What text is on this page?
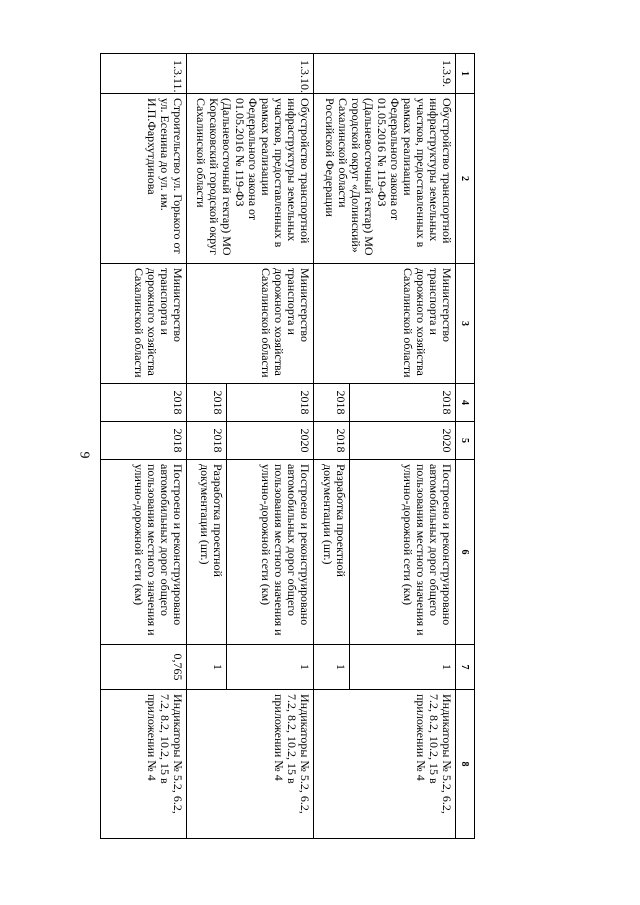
9
1	2	3	4	5	6	7	8
1.3.9.	Обустройство транспортной инфраструктуры земельных участков, предоставленных в рамках реализации Федерального закона от 01.05.2016 № 119-ФЗ (Дальневосточный гектар) МО городской округ «Долинский» Сахалинской области Российской Федерации	Министерство транспорта и дорожного хозяйства Сахалинской области	2018	2020	Построено и реконструировано автомобильных дорог общего пользования местного значения и улично-дорожной сети (км)	1	Индикаторы № 5.2, 6.2, 7.2, 8.2, 10.2, 15 в приложении № 4
			2018	2018	Разработка проектной документации (шт.)	1	
1.3.10.	Обустройство транспортной инфраструктуры земельных участков, предоставленных в рамках реализации Федерального закона от 01.05.2016 № 119-ФЗ (Дальневосточный гектар) МО Корсаковский городской округ Сахалинской области	Министерство транспорта и дорожного хозяйства Сахалинской области	2018	2020	Построено и реконструировано автомобильных дорог общего пользования местного значения и улично-дорожной сети (км)	1	Индикаторы № 5.2, 6.2, 7.2, 8.2, 10.2, 15 в приложении № 4
			2018	2018	Разработка проектной документации (шт.)	1	
1.3.11.	Строительство ул. Горького от ул. Есенина до ул. им. И.П.Фархутдинова	Министерство транспорта и дорожного хозяйства Сахалинской области	2018	2018	Построено и реконструировано автомобильных дорог общего пользования местного значения и улично-дорожной сети (км)	0,765	Индикаторы № 5.2, 6.2, 7.2, 8.2, 10.2, 15 в приложении № 4
